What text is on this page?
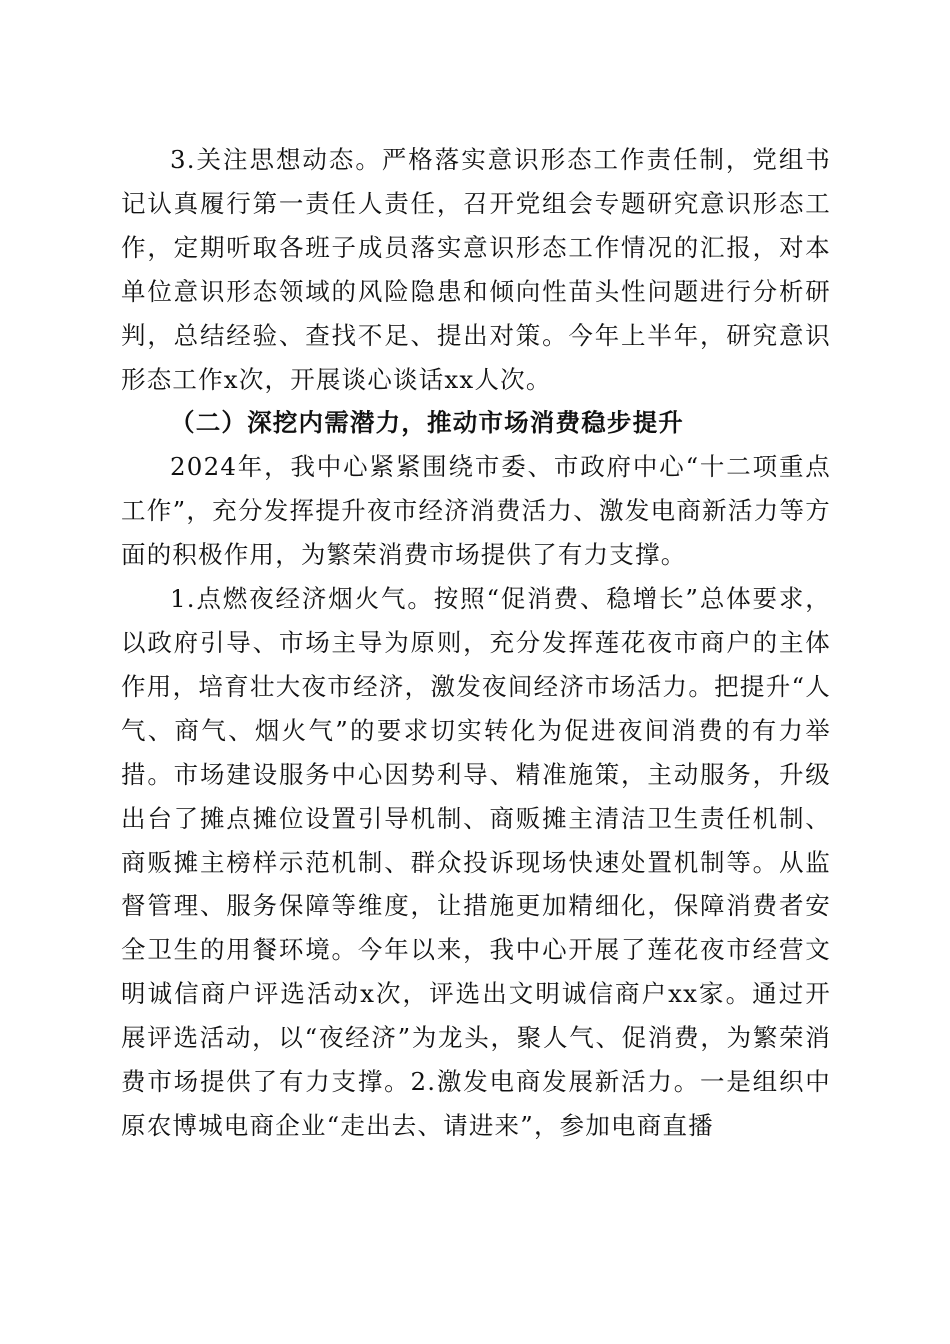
3.关注思想动态。严格落实意识形态工作责任制，党组书记认真履行第一责任人责任，召开党组会专题研究意识形态工作，定期听取各班子成员落实意识形态工作情况的汇报，对本单位意识形态领域的风险隐患和倾向性苗头性问题进行分析研判，总结经验、查找不足、提出对策。今年上半年，研究意识形态工作x次，开展谈心谈话xx人次。

（二）深挖内需潜力，推动市场消费稳步提升

2024年，我中心紧紧围绕市委、市政府中心“十二项重点工作”，充分发挥提升夜市经济消费活力、激发电商新活力等方面的积极作用，为繁荣消费市场提供了有力支撑。

1.点燃夜经济烟火气。按照“促消费、稳增长”总体要求，以政府引导、市场主导为原则，充分发挥莲花夜市商户的主体作用，培育壮大夜市经济，激发夜间经济市场活力。把提升“人气、商气、烟火气”的要求切实转化为促进夜间消费的有力举措。市场建设服务中心因势利导、精准施策，主动服务，升级出台了摊点摊位设置引导机制、商贩摊主清洁卫生责任机制、商贩摊主榜样示范机制、群众投诉现场快速处置机制等。从监督管理、服务保障等维度，让措施更加精细化，保障消费者安全卫生的用餐环境。今年以来，我中心开展了莲花夜市经营文明诚信商户评选活动x次，评选出文明诚信商户xx家。通过开展评选活动，以“夜经济”为龙头，聚人气、促消费，为繁荣消费市场提供了有力支撑。2.激发电商发展新活力。一是组织中原农博城电商企业“走出去、请进来”，参加电商直播
